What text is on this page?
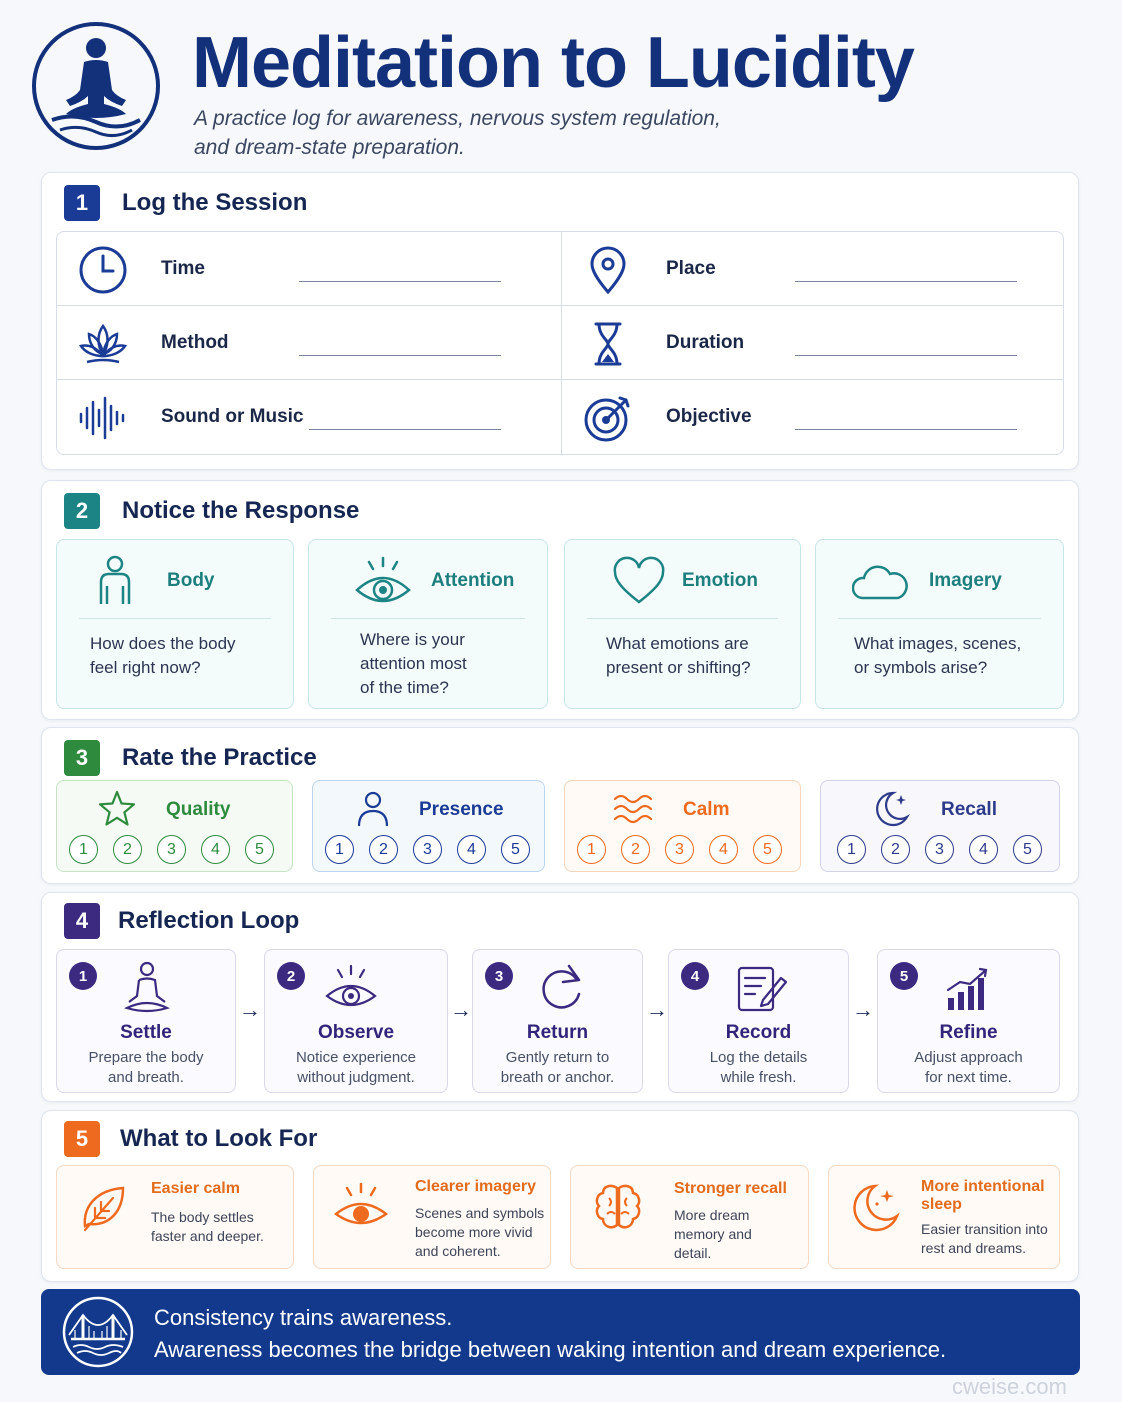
Meditation to Lucidity
A practice log for awareness, nervous system regulation,
and dream-state preparation.
1	Log the Session
Time	Place
Method	Duration
Sound or Music	Objective
2	Notice the Response
Body
How does the body
feel right now?
Attention
Where is your
attention most
of the time?
Emotion
What emotions are
present or shifting?
Imagery
What images, scenes,
or symbols arise?
3	Rate the Practice
Quality
1	2	3	4	5
Presence
1	2	3	4	5
Calm
1	2	3	4	5
Recall
1	2	3	4	5
4	Reflection Loop
1
Settle
Prepare the body
and breath.
→
2
Observe
Notice experience
without judgment.
→
3
Return
Gently return to
breath or anchor.
→
4
Record
Log the details
while fresh.
→
5
Refine
Adjust approach
for next time.
5	What to Look For
Easier calm
The body settles
faster and deeper.
Clearer imagery
Scenes and symbols
become more vivid
and coherent.
Stronger recall
More dream
memory and
detail.
More intentional
sleep
Easier transition into
rest and dreams.
Consistency trains awareness.
Awareness becomes the bridge between waking intention and dream experience.
cweise.com
